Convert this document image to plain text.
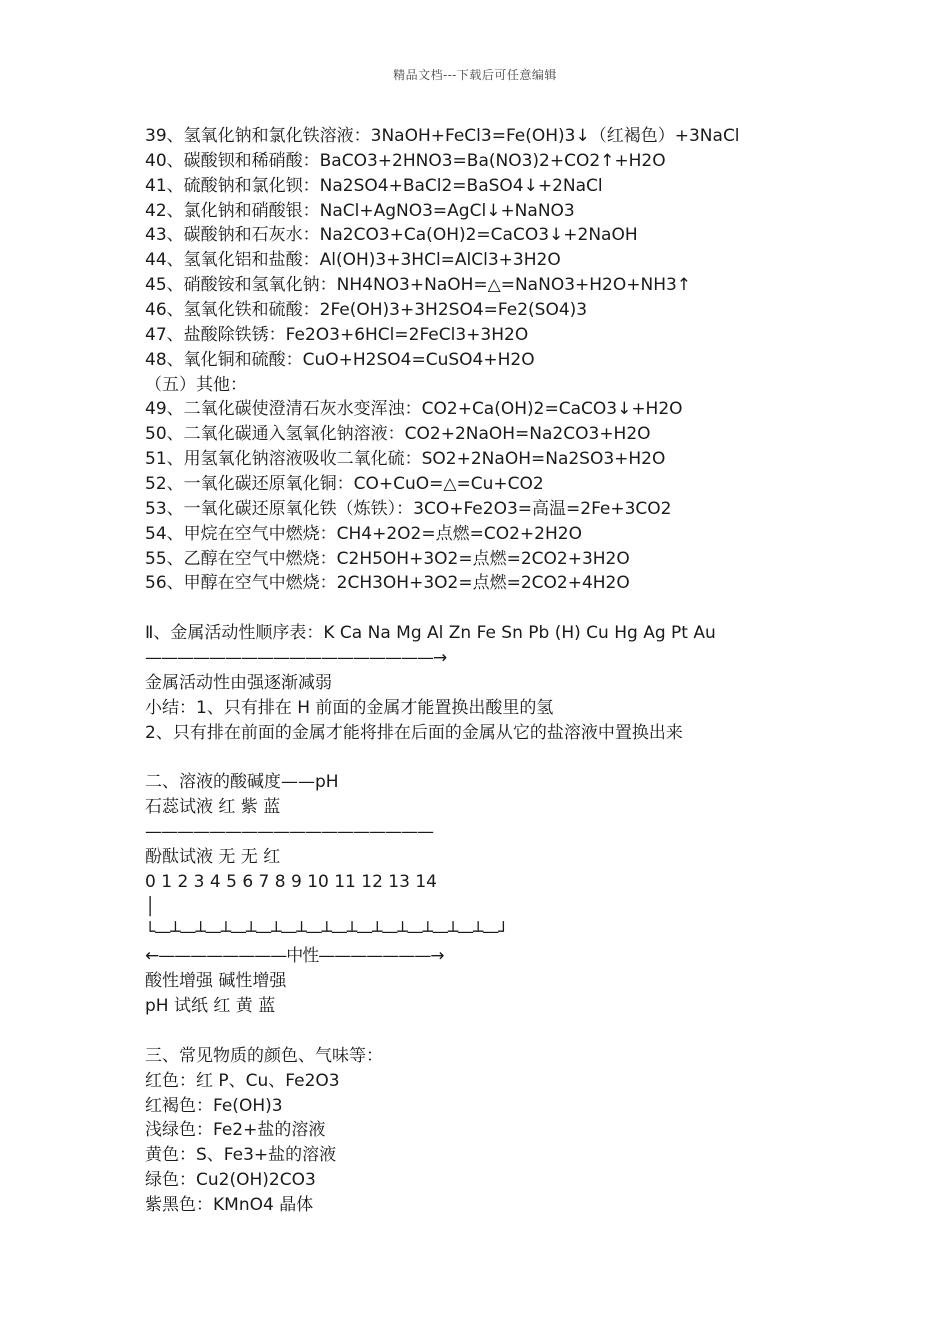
精品文档---下载后可任意编辑
39、氢氧化钠和氯化铁溶液：3NaOH+FeCl3=Fe(OH)3↓（红褐色）+3NaCl
40、碳酸钡和稀硝酸：BaCO3+2HNO3=Ba(NO3)2+CO2↑+H2O
41、硫酸钠和氯化钡：Na2SO4+BaCl2=BaSO4↓+2NaCl
42、氯化钠和硝酸银：NaCl+AgNO3=AgCl↓+NaNO3
43、碳酸钠和石灰水：Na2CO3+Ca(OH)2=CaCO3↓+2NaOH
44、氢氧化铝和盐酸：Al(OH)3+3HCl=AlCl3+3H2O
45、硝酸铵和氢氧化钠：NH4NO3+NaOH=△=NaNO3+H2O+NH3↑
46、氢氧化铁和硫酸：2Fe(OH)3+3H2SO4=Fe2(SO4)3
47、盐酸除铁锈：Fe2O3+6HCl=2FeCl3+3H2O
48、氧化铜和硫酸：CuO+H2SO4=CuSO4+H2O
（五）其他：
49、二氧化碳使澄清石灰水变浑浊：CO2+Ca(OH)2=CaCO3↓+H2O
50、二氧化碳通入氢氧化钠溶液：CO2+2NaOH=Na2CO3+H2O
51、用氢氧化钠溶液吸收二氧化硫：SO2+2NaOH=Na2SO3+H2O
52、一氧化碳还原氧化铜：CO+CuO=△=Cu+CO2
53、一氧化碳还原氧化铁（炼铁）：3CO+Fe2O3=高温=2Fe+3CO2
54、甲烷在空气中燃烧：CH4+2O2=点燃=CO2+2H2O
55、乙醇在空气中燃烧：C2H5OH+3O2=点燃=2CO2+3H2O
56、甲醇在空气中燃烧：2CH3OH+3O2=点燃=2CO2+4H2O
Ⅱ、金属活动性顺序表：K Ca Na Mg Al Zn Fe Sn Pb (H) Cu Hg Ag Pt Au
——————————————————→
金属活动性由强逐渐减弱
小结：1、只有排在 H 前面的金属才能置换出酸里的氢
2、只有排在前面的金属才能将排在后面的金属从它的盐溶液中置换出来
二、溶液的酸碱度——pH
石蕊试液 红 紫 蓝
——————————————————
酚酞试液 无 无 红
0 1 2 3 4 5 6 7 8 9 10 11 12 13 14
│
└—┴—┴—┴—┴—┴—┴—┴—┴—┴—┴—┴—┴—┴—┘
←————————中性———————→
酸性增强 碱性增强
pH 试纸 红 黄 蓝
三、常见物质的颜色、气味等：
红色：红 P、Cu、Fe2O3
红褐色：Fe(OH)3
浅绿色：Fe2+盐的溶液
黄色：S、Fe3+盐的溶液
绿色：Cu2(OH)2CO3
紫黑色：KMnO4 晶体
